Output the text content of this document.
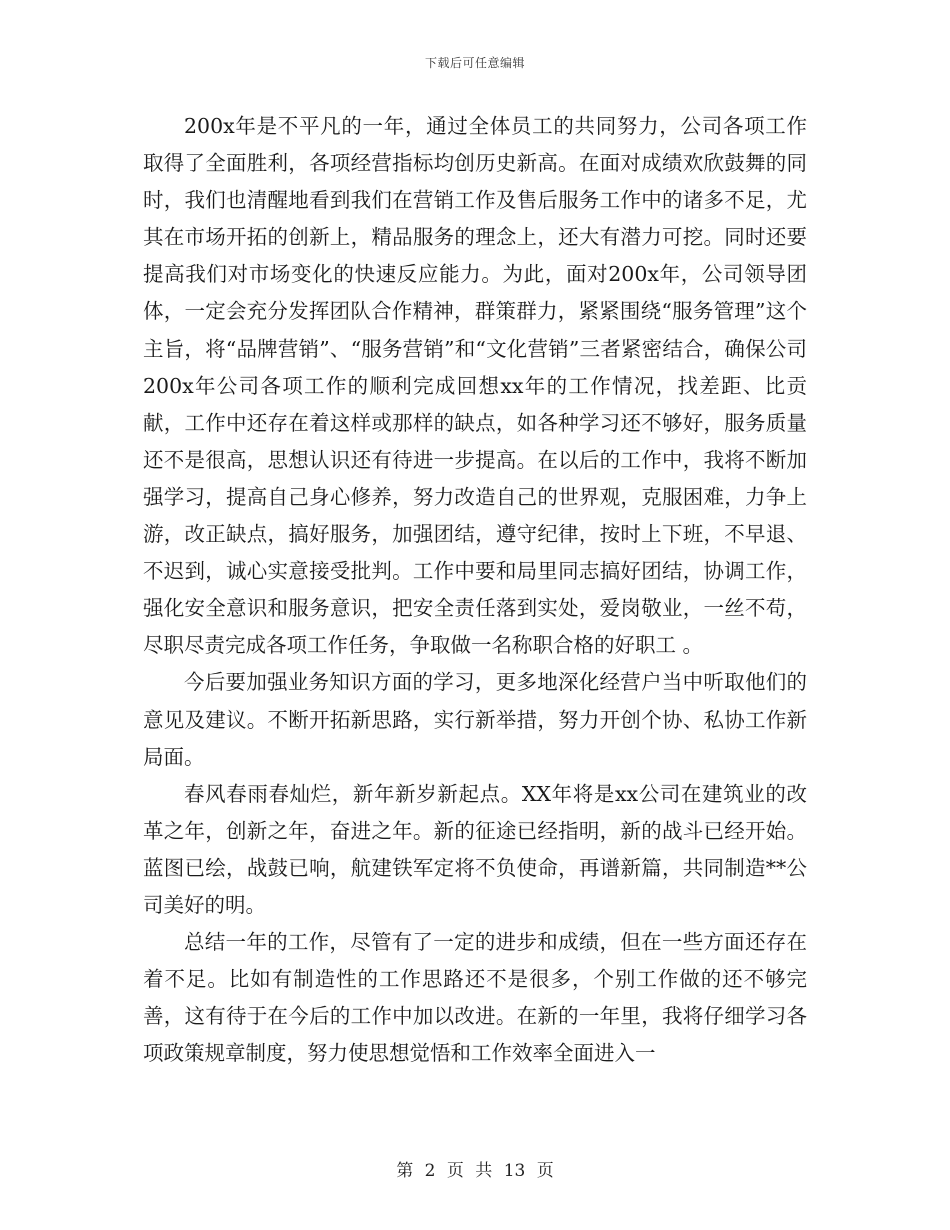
下载后可任意编辑

200x年是不平凡的一年，通过全体员工的共同努力，公司各项工作取得了全面胜利，各项经营指标均创历史新高。在面对成绩欢欣鼓舞的同时，我们也清醒地看到我们在营销工作及售后服务工作中的诸多不足，尤其在市场开拓的创新上，精品服务的理念上，还大有潜力可挖。同时还要提高我们对市场变化的快速反应能力。为此，面对200x年，公司领导团体，一定会充分发挥团队合作精神，群策群力，紧紧围绕“服务管理”这个主旨，将“品牌营销”、“服务营销”和“文化营销”三者紧密结合，确保公司200x年公司各项工作的顺利完成回想xx年的工作情况，找差距、比贡献，工作中还存在着这样或那样的缺点，如各种学习还不够好，服务质量还不是很高，思想认识还有待进一步提高。在以后的工作中，我将不断加强学习，提高自己身心修养，努力改造自己的世界观，克服困难，力争上游，改正缺点，搞好服务，加强团结，遵守纪律，按时上下班，不早退、不迟到，诚心实意接受批判。工作中要和局里同志搞好团结，协调工作，强化安全意识和服务意识，把安全责任落到实处，爱岗敬业，一丝不苟，尽职尽责完成各项工作任务，争取做一名称职合格的好职工 。

今后要加强业务知识方面的学习，更多地深化经营户当中听取他们的意见及建议。不断开拓新思路，实行新举措，努力开创个协、私协工作新局面。

春风春雨春灿烂，新年新岁新起点。XX年将是xx公司在建筑业的改革之年，创新之年，奋进之年。新的征途已经指明，新的战斗已经开始。蓝图已绘，战鼓已响，航建铁军定将不负使命，再谱新篇，共同制造**公司美好的明。

总结一年的工作，尽管有了一定的进步和成绩，但在一些方面还存在着不足。比如有制造性的工作思路还不是很多，个别工作做的还不够完善，这有待于在今后的工作中加以改进。在新的一年里，我将仔细学习各项政策规章制度，努力使思想觉悟和工作效率全面进入一

第 2 页 共 13 页
